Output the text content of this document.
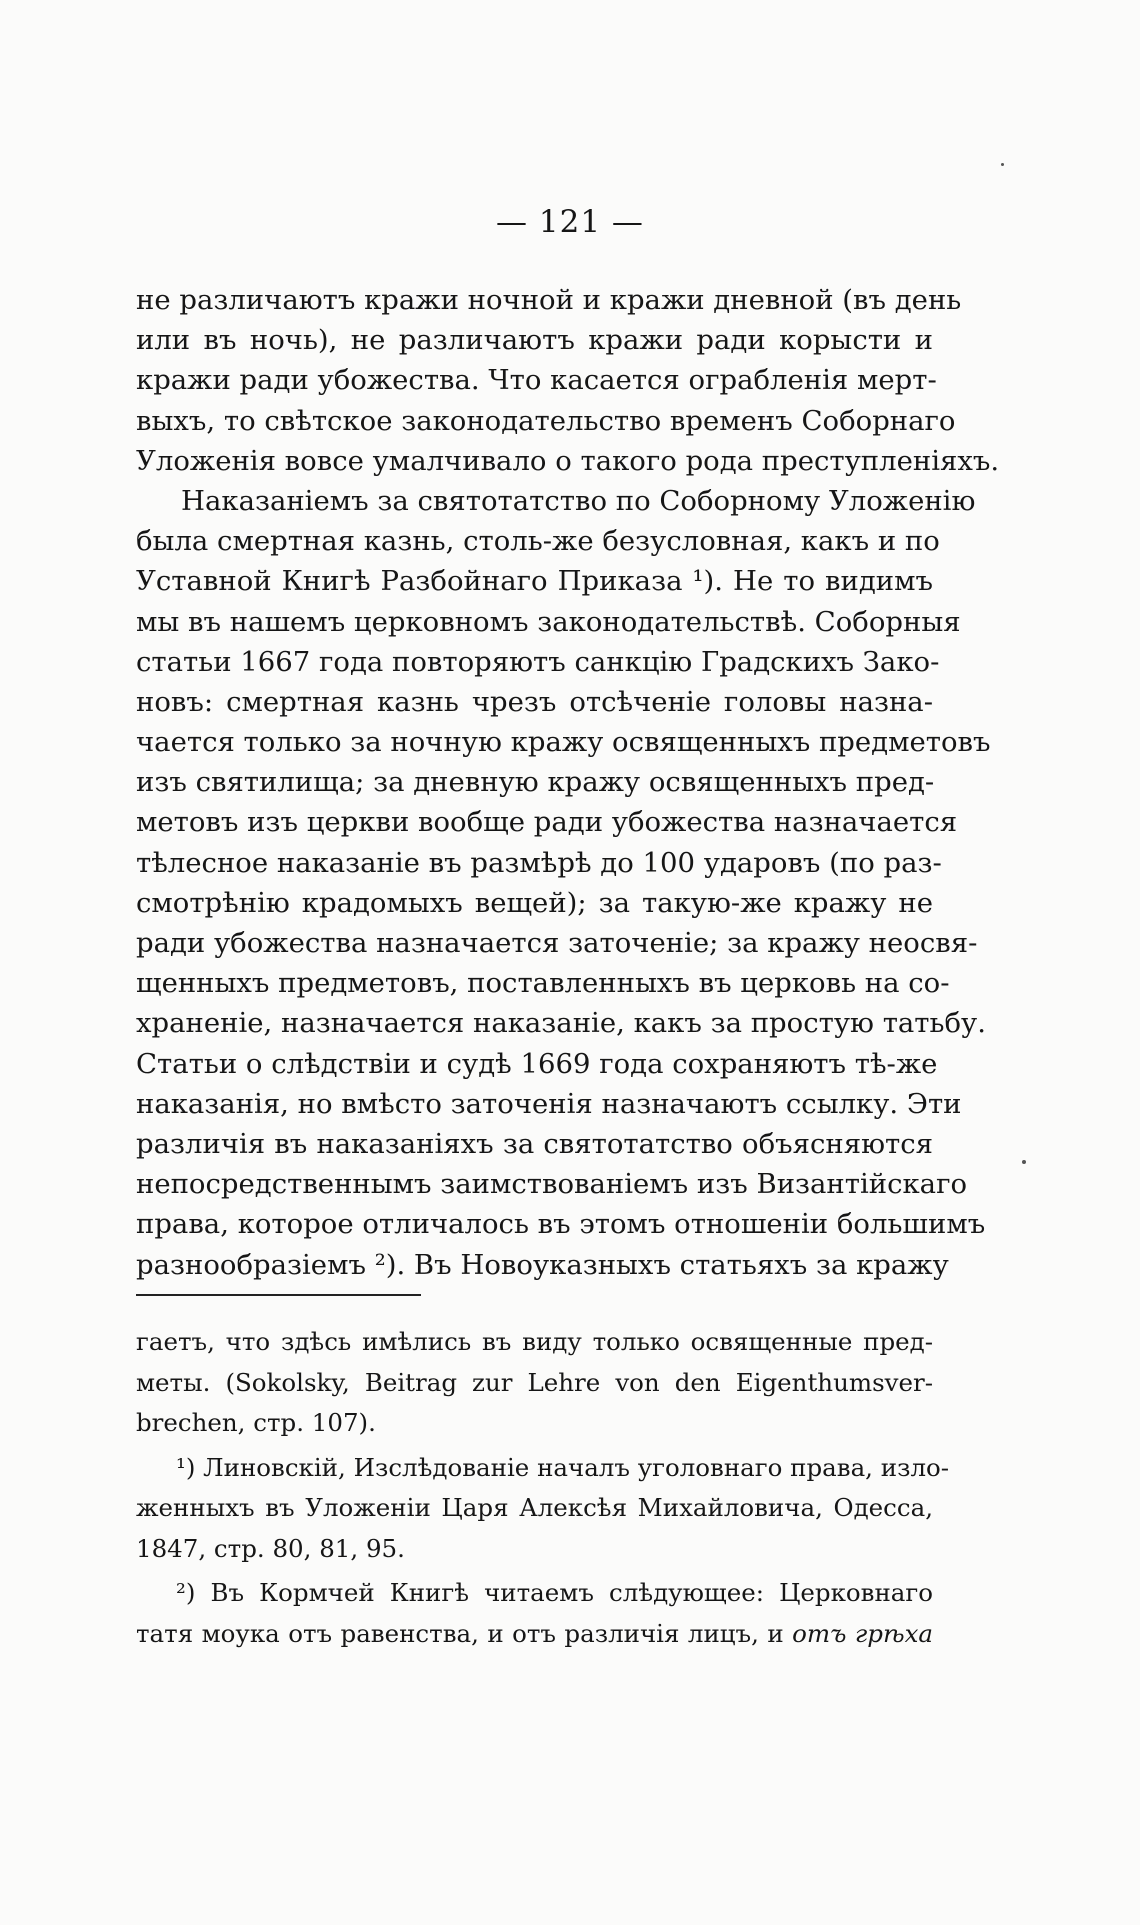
— 121 —
не различаютъ кражи ночной и кражи дневной (въ день
или въ ночь), не различаютъ кражи ради корысти и
кражи ради убожества. Что касается ограбленія мерт-
выхъ, то свѣтское законодательство временъ Соборнаго
Уложенія вовсе умалчивало о такого рода преступленіяхъ.
Наказаніемъ за святотатство по Соборному Уложенію
была смертная казнь, столь-же безусловная, какъ и по
Уставной Книгѣ Разбойнаго Приказа ¹). Не то видимъ
мы въ нашемъ церковномъ законодательствѣ. Соборныя
статьи 1667 года повторяютъ санкцію Градскихъ Зако-
новъ: смертная казнь чрезъ отсѣченіе головы назна-
чается только за ночную кражу освященныхъ предметовъ
изъ святилища; за дневную кражу освященныхъ пред-
метовъ изъ церкви вообще ради убожества назначается
тѣлесное наказаніе въ размѣрѣ до 100 ударовъ (по раз-
смотрѣнію крадомыхъ вещей); за такую-же кражу не
ради убожества назначается заточеніе; за кражу неосвя-
щенныхъ предметовъ, поставленныхъ въ церковь на со-
храненіе, назначается наказаніе, какъ за простую татьбу.
Статьи о слѣдствіи и судѣ 1669 года сохраняютъ тѣ-же
наказанія, но вмѣсто заточенія назначаютъ ссылку. Эти
различія въ наказаніяхъ за святотатство объясняются
непосредственнымъ заимствованіемъ изъ Византійскаго
права, которое отличалось въ этомъ отношеніи большимъ
разнообразіемъ ²). Въ Новоуказныхъ статьяхъ за кражу
гаетъ, что здѣсь имѣлись въ виду только освященные пред-
меты. (Sokolsky, Beitrag zur Lehre von den Eigenthumsver-
brechen, стр. 107).
¹) Линовскій, Изслѣдованіе началъ уголовнаго права, изло-
женныхъ въ Уложеніи Царя Алексѣя Михайловича, Одесса,
1847, стр. 80, 81, 95.
²) Въ Кормчей Книгѣ читаемъ слѣдующее: Церковнаго
татя моука отъ равенства, и отъ различія лицъ, и отъ грѣха
